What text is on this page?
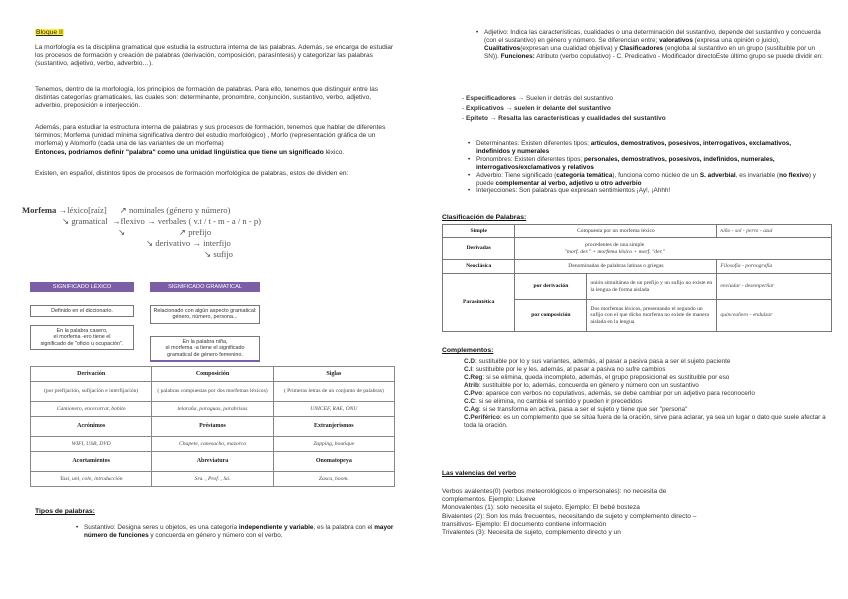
Bloque II

La morfología es la disciplina gramatical que estudia la estructura interna de las palabras. Además, se encarga de estudiar los procesos de formación y creación de palabras (derivación, composición, parasíntesis) y categorizar las palabras (sustantivo, adjetivo, verbo, adverbio…).

Tenemos, dentro de la morfología, los principios de formación de palabras. Para ello, tenemos que distinguir entre las distintas categorías gramaticales, las cuales son: determinante, pronombre, conjunción, sustantivo, verbo, adjetivo, adverbio, preposición e interjección.

Además, para estudiar la estructura interna de palabras y sus procesos de formación, tenemos que hablar de diferentes términos; Morfema (unidad mínima significativa dentro del estudio morfológico) , Morfo (representación gráfica de un morfema) y Alomorfo (cada una de las variantes de un morfema)
Entonces, podríamos definir "palabra" como una unidad lingüística que tiene un significado léxico.

Existen, en español, distintos tipos de procesos de formación morfológica de palabras, estos de dividen en:

Morfema →léxico[raíz]      ↗ nominales (género y número)
↘ gramatical  →flexivo → verbales ( v.t / t - m - a / n - p)
↘                         ↗ prefijo
↘ derivativo → interfijo
↘ sufijo
SIGNIFICADO LÉXICO
Definido en el diccionario.
En la palabra casero,
el morfema -ero tiene el
significado de "oficio u ocupación".
SIGNIFICADO GRAMATICAL
Relacionado con algún aspecto gramatical: género, número, persona...
En la palabra niña,
el morfema -a tiene el significado
gramatical de género femenino.
Derivación	Composición	Siglas
(por prefijación, sufijación e interfijación)	( palabras compuestas por dos morfemas léxicos)	( Primeras letras de un conjunto de palabras)
Camionero, encerarrar, bobito	telaraña, paraguas, parabrisas	UNICEF, RAE, ONU
Acrónimos	Préstamos	Extranjerismos
WIFI, USB, DVD	Chupete, canesacho, mazorca	Zapping, boutique
Acortamientos	Abreviatura	Onomatopeya
Taxi, uni, cole, introducción	Sra. , Prof. , Sá.	Zasca, boom.
Tipos de palabras:
• Sustantivo: Designa seres u objetos, es una categoría independiente y variable, es la palabra con el mayor número de funciones y concuerda en género y número con el verbo.
• Adjetivo: Indica las características, cualidades o una determinación del sustantivo, depende del sustantivo y concuerda (con el sustantivo) en género y número. Se diferencian entre; valorativos (expresa una opinión o juicio), Cualitativos(expresan una cualidad objetiva) y Clasificadores (engloba al sustantivo en un grupo (sustituible por un SN)). Funciones: Atributo (verbo copulativo) - C. Predicativo - Modificador directoEste último grupo se puede dividir en:
- Especificadores → Suelen ir detrás del sustantivo
- Explicativos → suelen ir delante del sustantivo
- Epíteto → Resalta las características y cualidades del sustantivo
• Determinantes: Existen diferentes tipos; artículos, demostrativos, posesivos, interrogativos, exclamativos, indefinidos y numerales
• Pronombres: Existen diferentes tipos; personales, demostrativos, posesivos, indefinidos, numerales, interrogativos/exclamativos y relativos
• Adverbio: Tiene significado (categoría temática), funciona como núcleo de un S. adverbial, es invariable (no flexivo) y puede complementar al verbo, adjetivo u otro adverbio
• Interjecciones: Son palabras que expresan sentimientos ¡Ay!, ¡Ahhh!
Clasificación de Palabras:
Simple	Compuesta por un morfema léxico		niño - sol - perro - azul
Derivadas	procedentes de una simple
"morf. der." + morfema léxico + morf. "der."		

Neoclásica	Denominadas de palabras latinas o griegas		Filosofía - pornografía
Parasintética	por derivación	unión simultánea de un prefijo y un sufijo no existe en la lengua de forma aislada	enviudar - desemperñar
	por composición	Dos morfemas léxicos, presentando el segundo un sufijo con el que dicho morfema no existe de manera aislada en la lengua	quinceañero - endulzar
Complementos:
C.D: sustituible por lo y sus variantes, además, al pasar a pasiva pasa a ser el sujeto paciente
C.I: sustituible por le y les, además, al pasar a pasiva no sufre cambios
C.Reg: si se elimina, queda incompleto, además, el grupo preposicional es sustituible por eso
Atrib: sustituible por lo, además, concuerda en género y número con un sustantivo
C.Pvo: aparece con verbos no copulativos, además, se debe cambiar por un adjetivo para reconocerlo
C.C: si se elimina, no cambia el sentido y pueden ir precedidos
C.Ag: si se transforma en activa, pasa a ser el sujeto y tiene que ser "persona"
C.Periférico: es un complemento que se sitúa fuera de la oración, sirve para aclarar, ya sea un lugar o dato que suele afectar a toda la oración.
Las valencias del verbo

Verbos avalentes(0) (verbos meteorológicos o impersonales): no necesita de complementos. Ejemplo: Llueve

Monovalentes (1): solo necesita el sujeto. Ejemplo: El bebé bosteza

Bivalentes (2): Son los más frecuentes, necesitando de sujeto y complemento directo –transitivos- Ejemplo: El documento contiene información

Trivalentes (3): Necesita de sujeto, complemento directo y un
